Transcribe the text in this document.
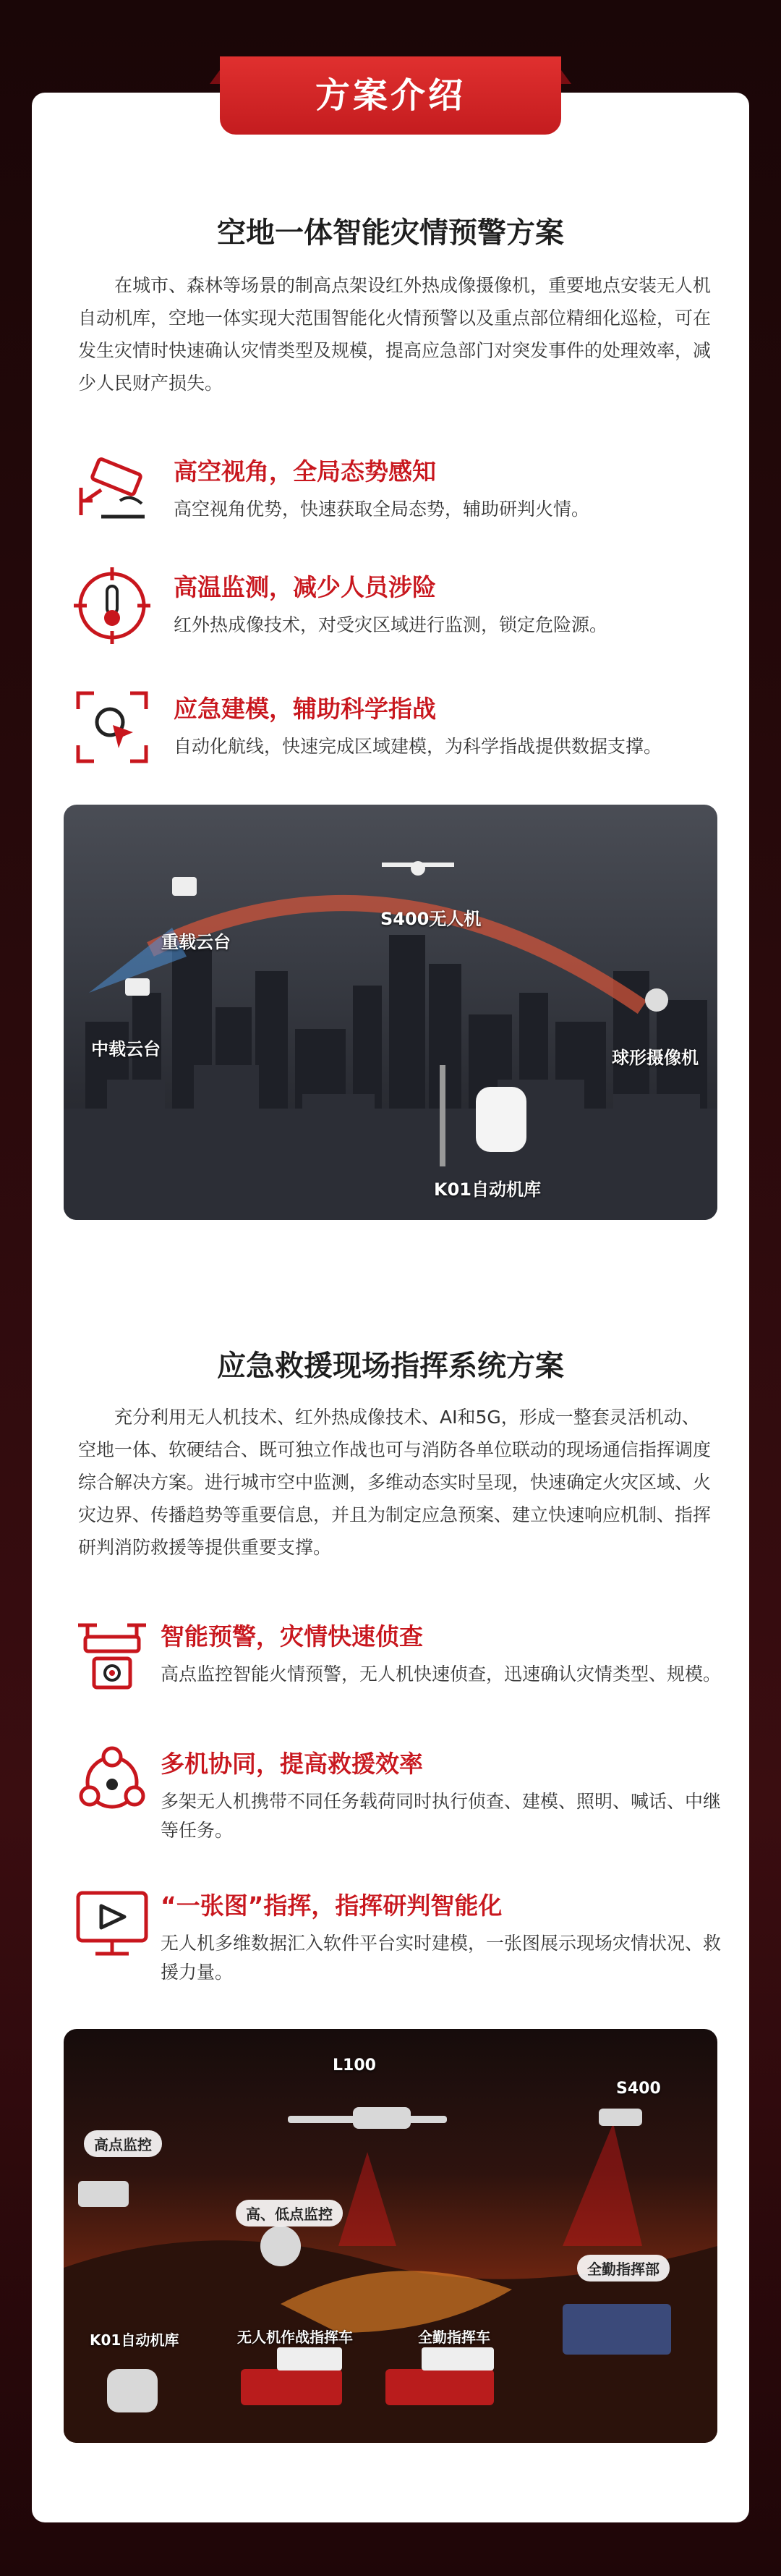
方案介绍
空地一体智能灾情预警方案
在城市、森林等场景的制高点架设红外热成像摄像机，重要地点安装无人机自动机库，空地一体实现大范围智能化火情预警以及重点部位精细化巡检，可在发生灾情时快速确认灾情类型及规模，提高应急部门对突发事件的处理效率，减少人民财产损失。
高空视角，全局态势感知
高空视角优势，快速获取全局态势，辅助研判火情。
高温监测，减少人员涉险
红外热成像技术，对受灾区域进行监测，锁定危险源。
应急建模，辅助科学指战
自动化航线，快速完成区域建模，为科学指战提供数据支撑。
重载云台
中载云台
S400无人机
球形摄像机
K01自动机库
应急救援现场指挥系统方案
充分利用无人机技术、红外热成像技术、AI和5G，形成一整套灵活机动、空地一体、软硬结合、既可独立作战也可与消防各单位联动的现场通信指挥调度综合解决方案。进行城市空中监测，多维动态实时呈现，快速确定火灾区域、火灾边界、传播趋势等重要信息，并且为制定应急预案、建立快速响应机制、指挥研判消防救援等提供重要支撑。
智能预警，灾情快速侦查
高点监控智能火情预警，无人机快速侦查，迅速确认灾情类型、规模。
多机协同，提高救援效率
多架无人机携带不同任务载荷同时执行侦查、建模、照明、喊话、中继等任务。
“一张图”指挥，指挥研判智能化
无人机多维数据汇入软件平台实时建模，一张图展示现场灾情状况、救援力量。
L100
S400
高点监控
高、低点监控
全勤指挥部
K01自动机库	无人机作战指挥车	全勤指挥车
